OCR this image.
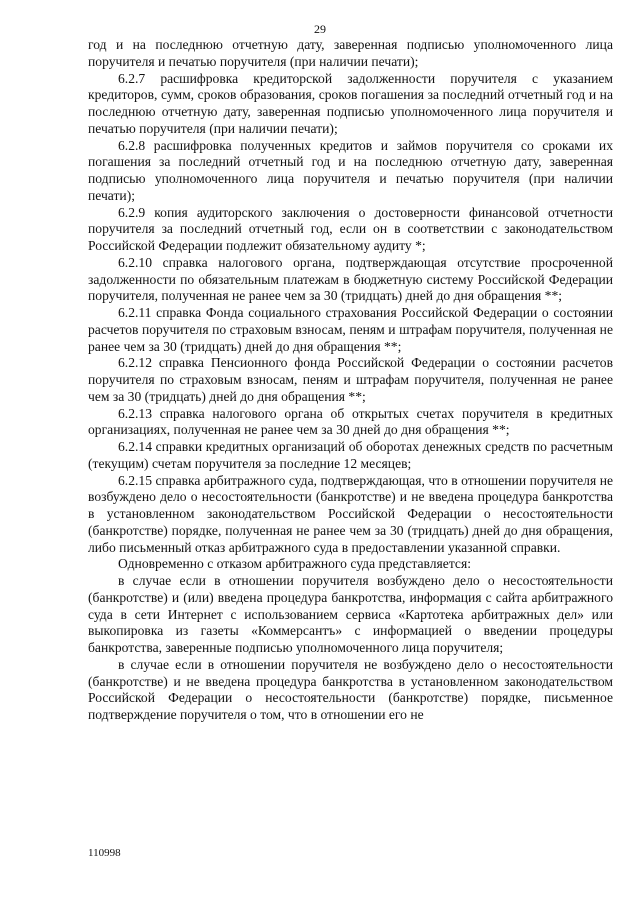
29

год и на последнюю отчетную дату, заверенная подписью уполномоченного лица поручителя и печатью поручителя (при наличии печати);

6.2.7 расшифровка кредиторской задолженности поручителя с указанием кредиторов, сумм, сроков образования, сроков погашения за последний отчетный год и на последнюю отчетную дату, заверенная подписью уполномоченного лица поручителя и печатью поручителя (при наличии печати);

6.2.8 расшифровка полученных кредитов и займов поручителя со сроками их погашения за последний отчетный год и на последнюю отчетную дату, заверенная подписью уполномоченного лица поручителя и печатью поручителя (при наличии печати);

6.2.9 копия аудиторского заключения о достоверности финансовой отчетности поручителя за последний отчетный год, если он в соответствии с законодательством Российской Федерации подлежит обязательному аудиту *;

6.2.10 справка налогового органа, подтверждающая отсутствие просроченной задолженности по обязательным платежам в бюджетную систему Российской Федерации поручителя, полученная не ранее чем за 30 (тридцать) дней до дня обращения **;

6.2.11 справка Фонда социального страхования Российской Федерации о состоянии расчетов поручителя по страховым взносам, пеням и штрафам поручителя, полученная не ранее чем за 30 (тридцать) дней до дня обращения **;

6.2.12 справка Пенсионного фонда Российской Федерации о состоянии расчетов поручителя по страховым взносам, пеням и штрафам поручителя, полученная не ранее чем за 30 (тридцать) дней до дня обращения **;

6.2.13 справка налогового органа об открытых счетах поручителя в кредитных организациях, полученная не ранее чем за 30 дней до дня обращения **;

6.2.14 справки кредитных организаций об оборотах денежных средств по расчетным (текущим) счетам поручителя за последние 12 месяцев;

6.2.15 справка арбитражного суда, подтверждающая, что в отношении поручителя не возбуждено дело о несостоятельности (банкротстве) и не введена процедура банкротства в установленном законодательством Российской Федерации о несостоятельности (банкротстве) порядке, полученная не ранее чем за 30 (тридцать) дней до дня обращения, либо письменный отказ арбитражного суда в предоставлении указанной справки.

Одновременно с отказом арбитражного суда представляется:

в случае если в отношении поручителя возбуждено дело о несостоятельности (банкротстве) и (или) введена процедура банкротства, информация с сайта арбитражного суда в сети Интернет с использованием сервиса «Картотека арбитражных дел» или выкопировка из газеты «Коммерсантъ» с информацией о введении процедуры банкротства, заверенные подписью уполномоченного лица поручителя;

в случае если в отношении поручителя не возбуждено дело о несостоятельности (банкротстве) и не введена процедура банкротства в установленном законодательством Российской Федерации о несостоятельности (банкротстве) порядке, письменное подтверждение поручителя о том, что в отношении его не

110998
